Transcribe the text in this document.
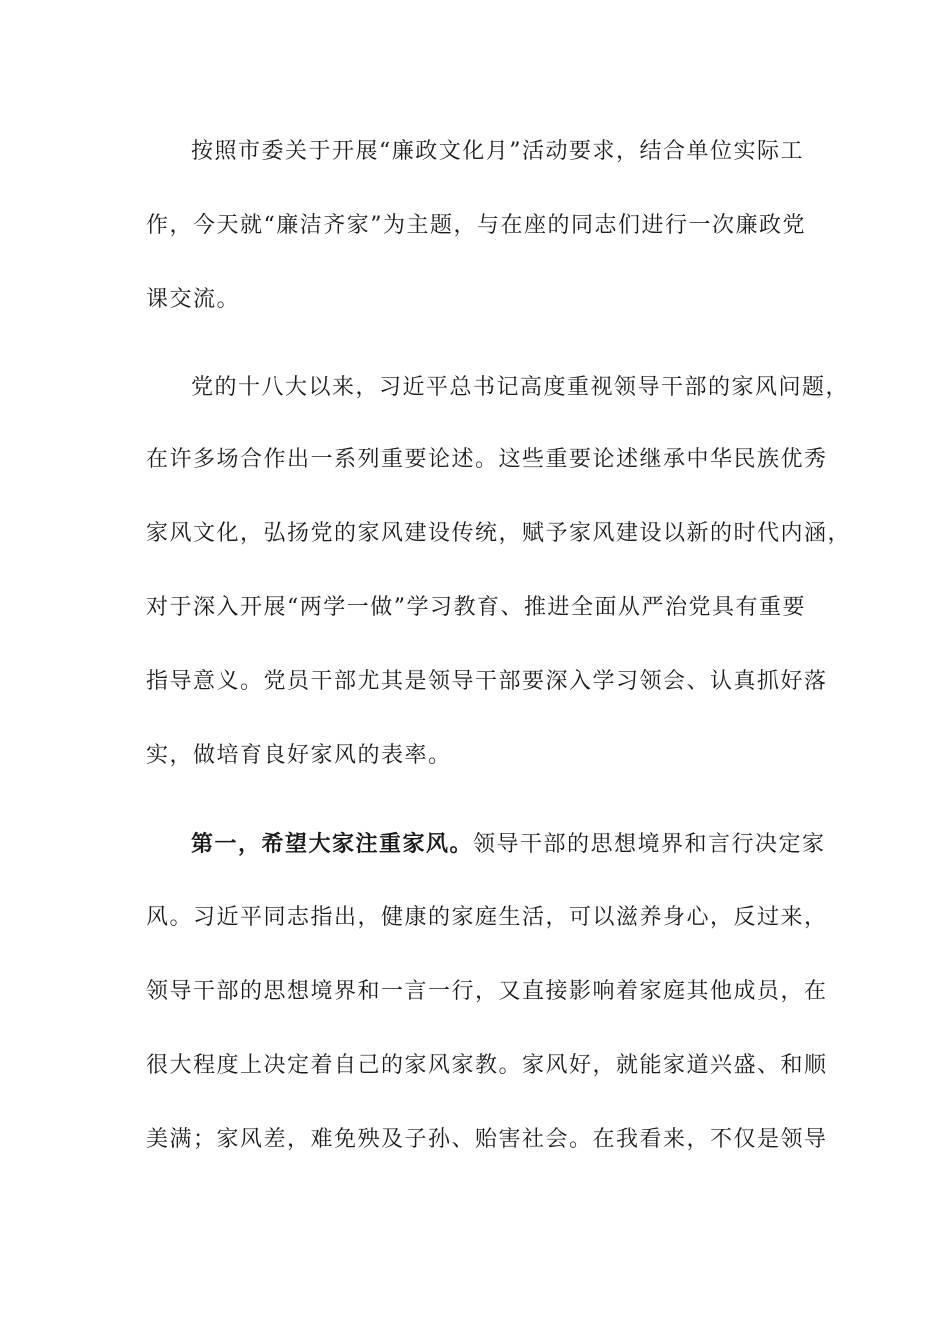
按照市委关于开展“廉政文化月”活动要求，结合单位实际工
作，今天就“廉洁齐家”为主题，与在座的同志们进行一次廉政党
课交流。
党的十八大以来，习近平总书记高度重视领导干部的家风问题，
在许多场合作出一系列重要论述。这些重要论述继承中华民族优秀
家风文化，弘扬党的家风建设传统，赋予家风建设以新的时代内涵，
对于深入开展“两学一做”学习教育、推进全面从严治党具有重要
指导意义。党员干部尤其是领导干部要深入学习领会、认真抓好落
实，做培育良好家风的表率。
第一，希望大家注重家风。领导干部的思想境界和言行决定家
风。习近平同志指出，健康的家庭生活，可以滋养身心，反过来，
领导干部的思想境界和一言一行，又直接影响着家庭其他成员，在
很大程度上决定着自己的家风家教。家风好，就能家道兴盛、和顺
美满；家风差，难免殃及子孙、贻害社会。在我看来，不仅是领导
